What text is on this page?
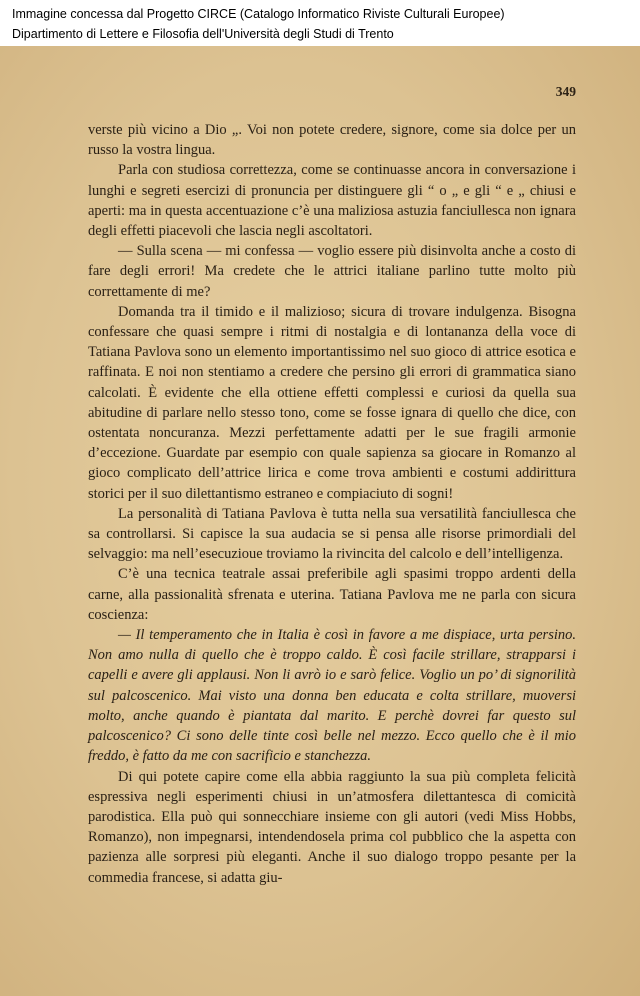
Immagine concessa dal Progetto CIRCE (Catalogo Informatico Riviste Culturali Europee)
Dipartimento di Lettere e Filosofia dell'Università degli Studi di Trento
349

verste più vicino a Dio „. Voi non potete credere, signore, come sia dolce per un russo la vostra lingua.

Parla con studiosa correttezza, come se continuasse ancora in conversazione i lunghi e segreti esercizi di pronuncia per distinguere gli “ o „ e gli “ e „ chiusi e aperti: ma in questa accentuazione c’è una maliziosa astuzia fanciullesca non ignara degli effetti piacevoli che lascia negli ascoltatori.

— Sulla scena — mi confessa — voglio essere più disinvolta anche a costo di fare degli errori! Ma credete che le attrici italiane parlino tutte molto più correttamente di me?

Domanda tra il timido e il malizioso; sicura di trovare indulgenza. Bisogna confessare che quasi sempre i ritmi di nostalgia e di lontananza della voce di Tatiana Pavlova sono un elemento importantissimo nel suo gioco di attrice esotica e raffinata. E noi non stentiamo a credere che persino gli errori di grammatica siano calcolati. È evidente che ella ottiene effetti complessi e curiosi da quella sua abitudine di parlare nello stesso tono, come se fosse ignara di quello che dice, con ostentata noncuranza. Mezzi perfettamente adatti per le sue fragili armonie d’eccezione. Guardate par esempio con quale sapienza sa giocare in Romanzo al gioco complicato dell’attrice lirica e come trova ambienti e costumi addirittura storici per il suo dilettantismo estraneo e compiaciuto di sogni!

La personalità di Tatiana Pavlova è tutta nella sua versatilità fanciullesca che sa controllarsi. Si capisce la sua audacia se si pensa alle risorse primordiali del selvaggio: ma nell’esecuzioue troviamo la rivincita del calcolo e dell’intelligenza.

C’è una tecnica teatrale assai preferibile agli spasimi troppo ardenti della carne, alla passionalità sfrenata e uterina. Tatiana Pavlova me ne parla con sicura coscienza:

— Il temperamento che in Italia è così in favore a me dispiace, urta persino. Non amo nulla di quello che è troppo caldo. È così facile strillare, strapparsi i capelli e avere gli applausi. Non li avrò io e sarò felice. Voglio un po’ di signorilità sul palcoscenico. Mai visto una donna ben educata e colta strillare, muoversi molto, anche quando è piantata dal marito. E perchè dovrei far questo sul palcoscenico? Ci sono delle tinte così belle nel mezzo. Ecco quello che è il mio freddo, è fatto da me con sacrificio e stanchezza.

Di qui potete capire come ella abbia raggiunto la sua più completa felicità espressiva negli esperimenti chiusi in un’atmosfera dilettantesca di comicità parodistica. Ella può qui sonnecchiare insieme con gli autori (vedi Miss Hobbs, Romanzo), non impegnarsi, intendendosela prima col pubblico che la aspetta con pazienza alle sorpresi più eleganti. Anche il suo dialogo troppo pesante per la commedia francese, si adatta giu-
